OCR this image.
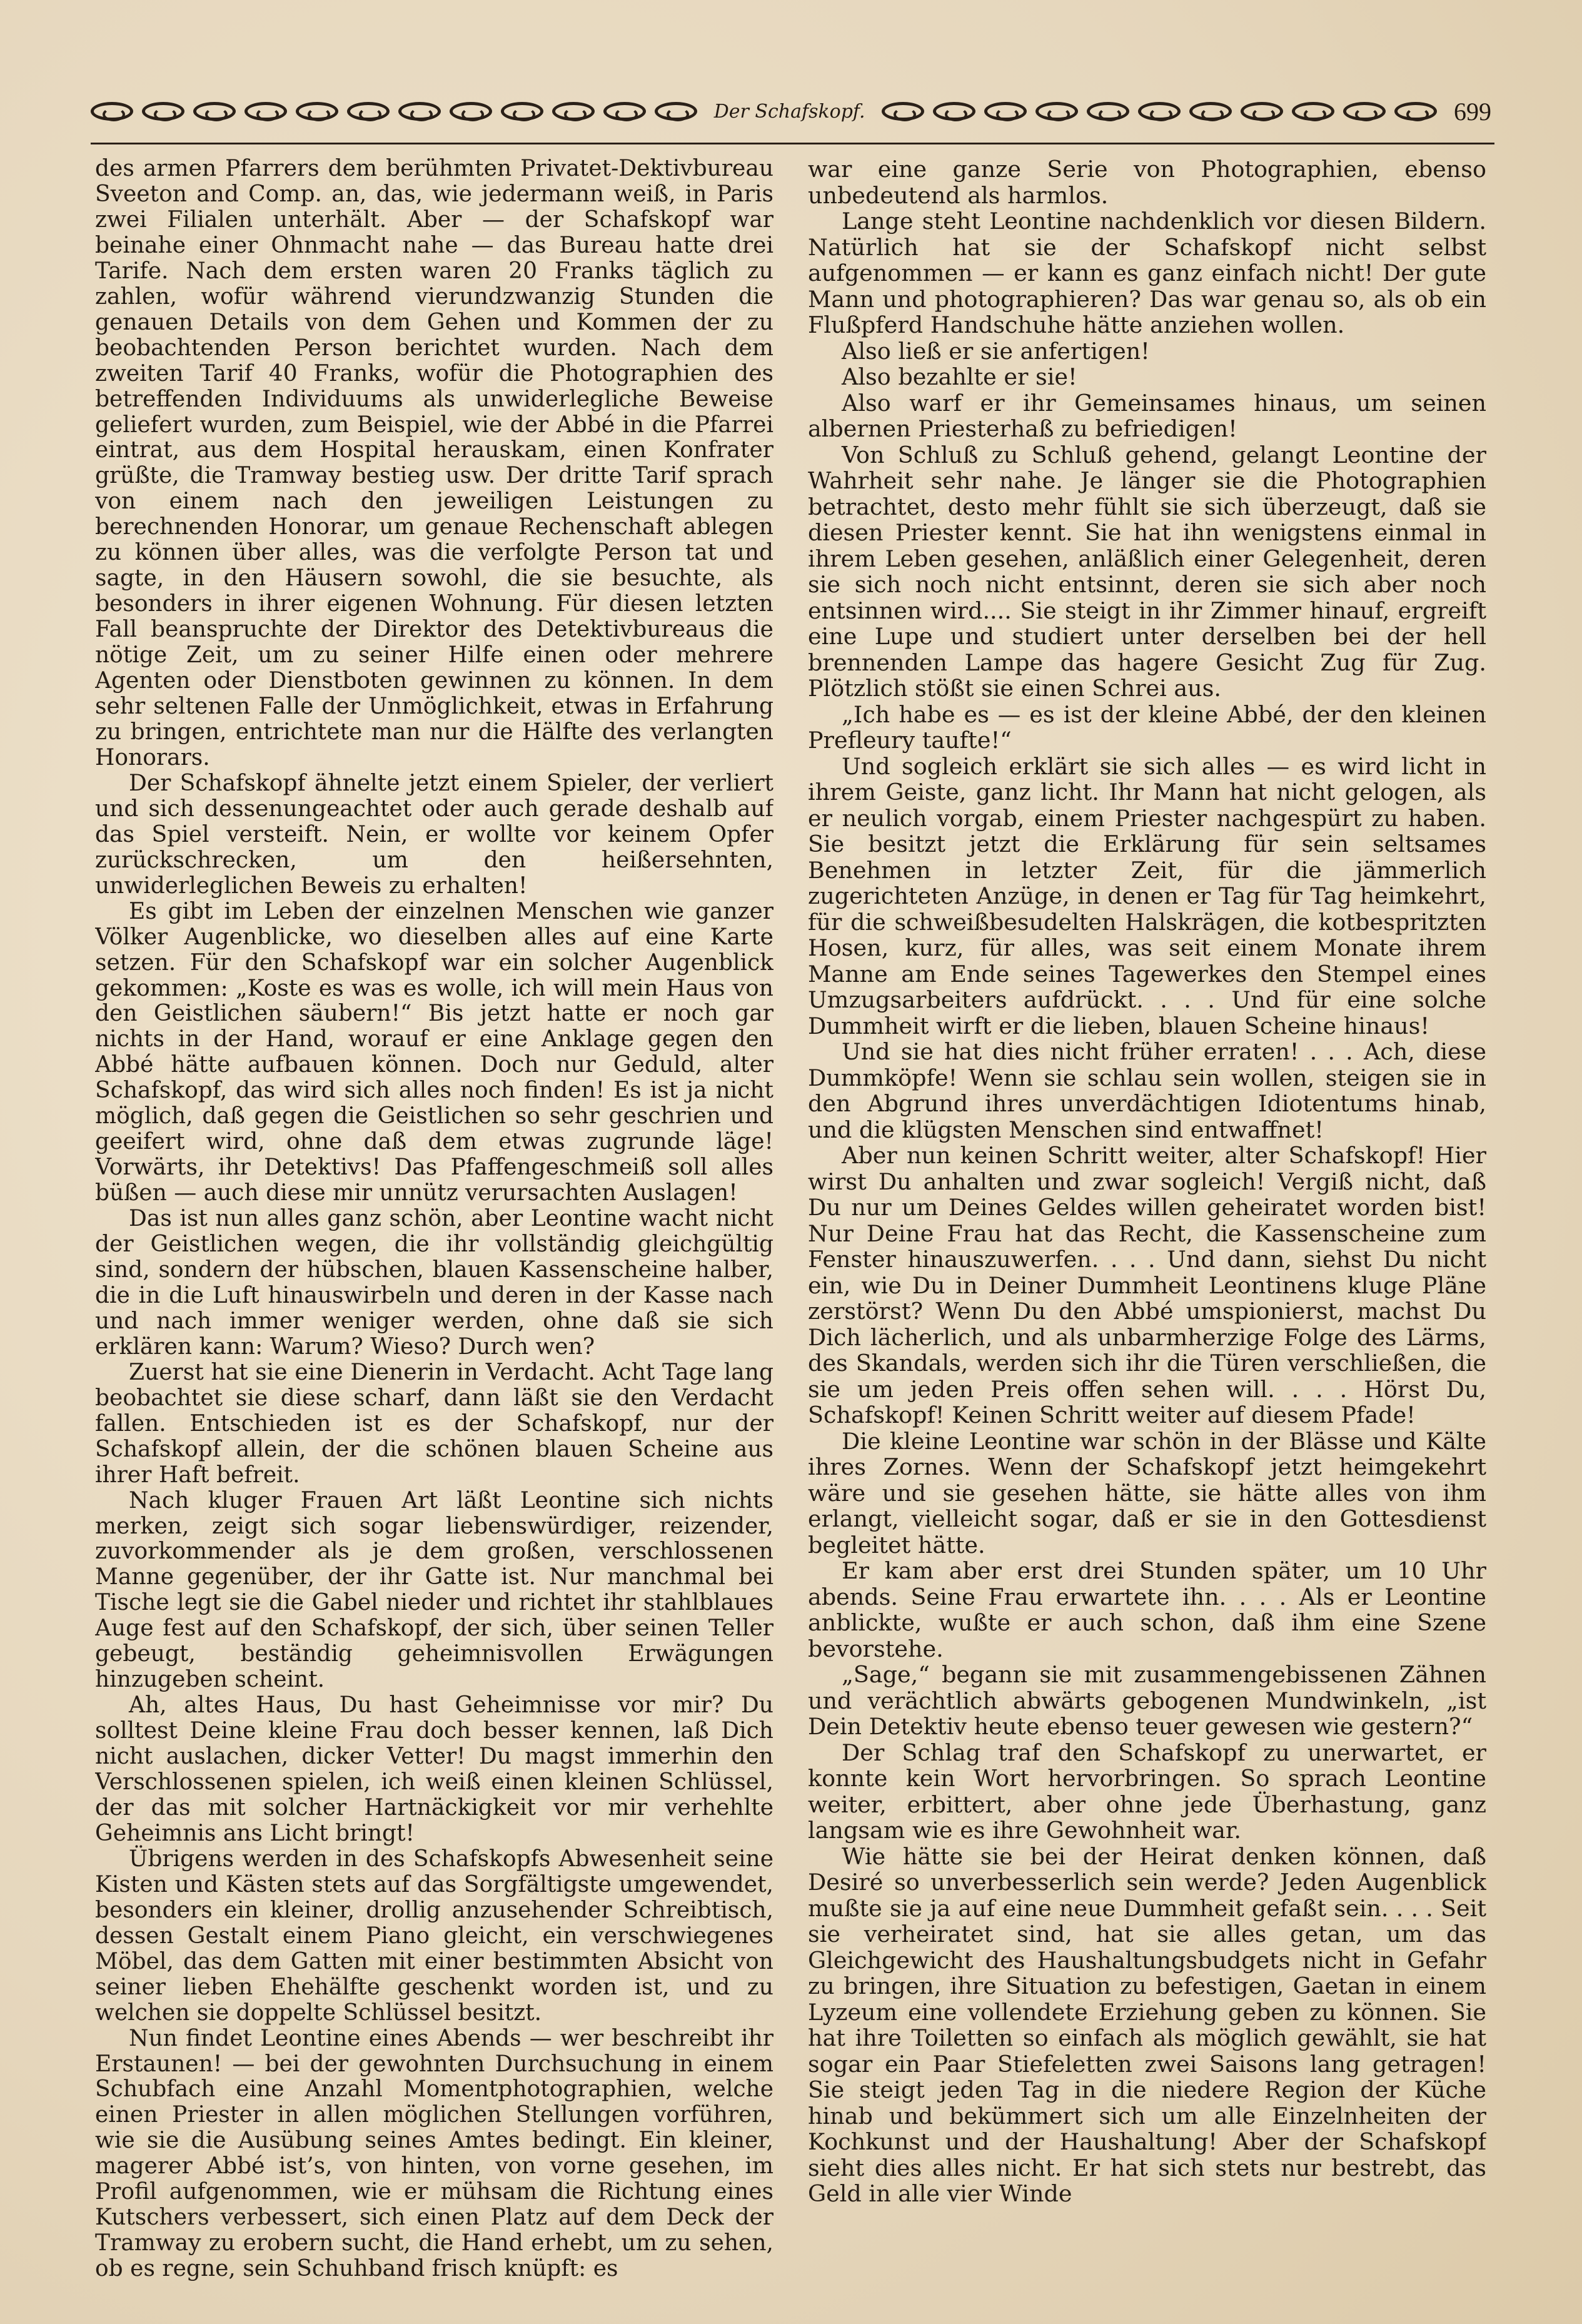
Der Schafskopf.	699

des armen Pfarrers dem berühmten Privatet-Dektivbureau Sveeton and Comp. an, das, wie jedermann weiß, in Paris zwei Filialen unterhält. Aber — der Schafskopf war beinahe einer Ohnmacht nahe — das Bureau hatte drei Tarife. Nach dem ersten waren 20 Franks täglich zu zahlen, wofür während vierundzwanzig Stunden die genauen Details von dem Gehen und Kommen der zu beobachtenden Person berichtet wurden. Nach dem zweiten Tarif 40 Franks, wofür die Photographien des betreffenden Individuums als unwiderlegliche Beweise geliefert wurden, zum Beispiel, wie der Abbé in die Pfarrei eintrat, aus dem Hospital herauskam, einen Konfrater grüßte, die Tramway bestieg usw. Der dritte Tarif sprach von einem nach den jeweiligen Leistungen zu berechnenden Honorar, um genaue Rechenschaft ablegen zu können über alles, was die verfolgte Person tat und sagte, in den Häusern sowohl, die sie besuchte, als besonders in ihrer eigenen Wohnung. Für diesen letzten Fall beanspruchte der Direktor des Detektivbureaus die nötige Zeit, um zu seiner Hilfe einen oder mehrere Agenten oder Dienstboten gewinnen zu können. In dem sehr seltenen Falle der Unmöglichkeit, etwas in Erfahrung zu bringen, entrichtete man nur die Hälfte des verlangten Honorars.

Der Schafskopf ähnelte jetzt einem Spieler, der verliert und sich dessenungeachtet oder auch gerade deshalb auf das Spiel versteift. Nein, er wollte vor keinem Opfer zurückschrecken, um den heißersehnten, unwiderleglichen Beweis zu erhalten!

Es gibt im Leben der einzelnen Menschen wie ganzer Völker Augenblicke, wo dieselben alles auf eine Karte setzen. Für den Schafskopf war ein solcher Augenblick gekommen: „Koste es was es wolle, ich will mein Haus von den Geistlichen säubern!“ Bis jetzt hatte er noch gar nichts in der Hand, worauf er eine Anklage gegen den Abbé hätte aufbauen können. Doch nur Geduld, alter Schafskopf, das wird sich alles noch finden! Es ist ja nicht möglich, daß gegen die Geistlichen so sehr geschrien und geeifert wird, ohne daß dem etwas zugrunde läge! Vorwärts, ihr Detektivs! Das Pfaffengeschmeiß soll alles büßen — auch diese mir unnütz verursachten Auslagen!

Das ist nun alles ganz schön, aber Leontine wacht nicht der Geistlichen wegen, die ihr vollständig gleichgültig sind, sondern der hübschen, blauen Kassenscheine halber, die in die Luft hinauswirbeln und deren in der Kasse nach und nach immer weniger werden, ohne daß sie sich erklären kann: Warum? Wieso? Durch wen?

Zuerst hat sie eine Dienerin in Verdacht. Acht Tage lang beobachtet sie diese scharf, dann läßt sie den Verdacht fallen. Entschieden ist es der Schafskopf, nur der Schafskopf allein, der die schönen blauen Scheine aus ihrer Haft befreit.

Nach kluger Frauen Art läßt Leontine sich nichts merken, zeigt sich sogar liebenswürdiger, reizender, zuvorkommender als je dem großen, verschlossenen Manne gegenüber, der ihr Gatte ist. Nur manchmal bei Tische legt sie die Gabel nieder und richtet ihr stahlblaues Auge fest auf den Schafskopf, der sich, über seinen Teller gebeugt, beständig geheimnisvollen Erwägungen hinzugeben scheint.

Ah, altes Haus, Du hast Geheimnisse vor mir? Du solltest Deine kleine Frau doch besser kennen, laß Dich nicht auslachen, dicker Vetter! Du magst immerhin den Verschlossenen spielen, ich weiß einen kleinen Schlüssel, der das mit solcher Hartnäckigkeit vor mir verhehlte Geheimnis ans Licht bringt!

Übrigens werden in des Schafskopfs Abwesenheit seine Kisten und Kästen stets auf das Sorgfältigste umgewendet, besonders ein kleiner, drollig anzusehender Schreibtisch, dessen Gestalt einem Piano gleicht, ein verschwiegenes Möbel, das dem Gatten mit einer bestimmten Absicht von seiner lieben Ehehälfte geschenkt worden ist, und zu welchen sie doppelte Schlüssel besitzt.

Nun findet Leontine eines Abends — wer beschreibt ihr Erstaunen! — bei der gewohnten Durchsuchung in einem Schubfach eine Anzahl Momentphotographien, welche einen Priester in allen möglichen Stellungen vorführen, wie sie die Ausübung seines Amtes bedingt. Ein kleiner, magerer Abbé ist’s, von hinten, von vorne gesehen, im Profil aufgenommen, wie er mühsam die Richtung eines Kutschers verbessert, sich einen Platz auf dem Deck der Tramway zu erobern sucht, die Hand erhebt, um zu sehen, ob es regne, sein Schuhband frisch knüpft: es

war eine ganze Serie von Photographien, ebenso unbedeutend als harmlos.

Lange steht Leontine nachdenklich vor diesen Bildern. Natürlich hat sie der Schafskopf nicht selbst aufgenommen — er kann es ganz einfach nicht! Der gute Mann und photographieren? Das war genau so, als ob ein Flußpferd Handschuhe hätte anziehen wollen.

Also ließ er sie anfertigen!

Also bezahlte er sie!

Also warf er ihr Gemeinsames hinaus, um seinen albernen Priesterhaß zu befriedigen!

Von Schluß zu Schluß gehend, gelangt Leontine der Wahrheit sehr nahe. Je länger sie die Photographien betrachtet, desto mehr fühlt sie sich überzeugt, daß sie diesen Priester kennt. Sie hat ihn wenigstens einmal in ihrem Leben gesehen, anläßlich einer Gelegenheit, deren sie sich noch nicht entsinnt, deren sie sich aber noch entsinnen wird.... Sie steigt in ihr Zimmer hinauf, ergreift eine Lupe und studiert unter derselben bei der hell brennenden Lampe das hagere Gesicht Zug für Zug. Plötzlich stößt sie einen Schrei aus.

„Ich habe es — es ist der kleine Abbé, der den kleinen Prefleury taufte!“

Und sogleich erklärt sie sich alles — es wird licht in ihrem Geiste, ganz licht. Ihr Mann hat nicht gelogen, als er neulich vorgab, einem Priester nachgespürt zu haben. Sie besitzt jetzt die Erklärung für sein seltsames Benehmen in letzter Zeit, für die jämmerlich zugerichteten Anzüge, in denen er Tag für Tag heimkehrt, für die schweißbesudelten Halskrägen, die kotbespritzten Hosen, kurz, für alles, was seit einem Monate ihrem Manne am Ende seines Tagewerkes den Stempel eines Umzugsarbeiters aufdrückt. . . . Und für eine solche Dummheit wirft er die lieben, blauen Scheine hinaus!

Und sie hat dies nicht früher erraten! . . . Ach, diese Dummköpfe! Wenn sie schlau sein wollen, steigen sie in den Abgrund ihres unverdächtigen Idiotentums hinab, und die klügsten Menschen sind entwaffnet!

Aber nun keinen Schritt weiter, alter Schafskopf! Hier wirst Du anhalten und zwar sogleich! Vergiß nicht, daß Du nur um Deines Geldes willen geheiratet worden bist! Nur Deine Frau hat das Recht, die Kassenscheine zum Fenster hinauszuwerfen. . . . Und dann, siehst Du nicht ein, wie Du in Deiner Dummheit Leontinens kluge Pläne zerstörst? Wenn Du den Abbé umspionierst, machst Du Dich lächerlich, und als unbarmherzige Folge des Lärms, des Skandals, werden sich ihr die Türen verschließen, die sie um jeden Preis offen sehen will. . . . Hörst Du, Schafskopf! Keinen Schritt weiter auf diesem Pfade!

Die kleine Leontine war schön in der Blässe und Kälte ihres Zornes. Wenn der Schafskopf jetzt heimgekehrt wäre und sie gesehen hätte, sie hätte alles von ihm erlangt, vielleicht sogar, daß er sie in den Gottesdienst begleitet hätte.

Er kam aber erst drei Stunden später, um 10 Uhr abends. Seine Frau erwartete ihn. . . . Als er Leontine anblickte, wußte er auch schon, daß ihm eine Szene bevorstehe.

„Sage,“ begann sie mit zusammengebissenen Zähnen und verächtlich abwärts gebogenen Mundwinkeln, „ist Dein Detektiv heute ebenso teuer gewesen wie gestern?“

Der Schlag traf den Schafskopf zu unerwartet, er konnte kein Wort hervorbringen. So sprach Leontine weiter, erbittert, aber ohne jede Überhastung, ganz langsam wie es ihre Gewohnheit war.

Wie hätte sie bei der Heirat denken können, daß Desiré so unverbesserlich sein werde? Jeden Augenblick mußte sie ja auf eine neue Dummheit gefaßt sein. . . . Seit sie verheiratet sind, hat sie alles getan, um das Gleichgewicht des Haushaltungsbudgets nicht in Gefahr zu bringen, ihre Situation zu befestigen, Gaetan in einem Lyzeum eine vollendete Erziehung geben zu können. Sie hat ihre Toiletten so einfach als möglich gewählt, sie hat sogar ein Paar Stiefeletten zwei Saisons lang getragen! Sie steigt jeden Tag in die niedere Region der Küche hinab und bekümmert sich um alle Einzelnheiten der Kochkunst und der Haushaltung! Aber der Schafskopf sieht dies alles nicht. Er hat sich stets nur bestrebt, das Geld in alle vier Winde
